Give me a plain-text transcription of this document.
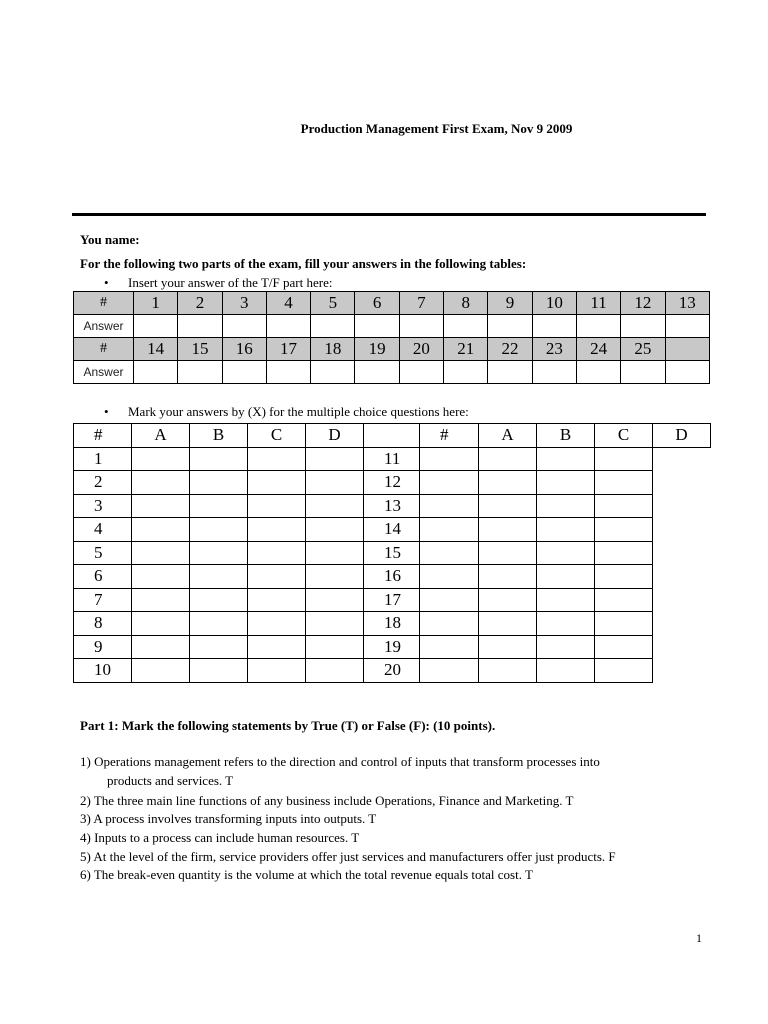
Production Management First Exam, Nov 9 2009
You name:
For the following two parts of the exam, fill your answers in the following tables:
• Insert your answer of the T/F part here:
#	1	2	3	4	5	6	7	8	9	10	11	12	13
Answer													
#	14	15	16	17	18	19	20	21	22	23	24	25	
Answer													
• Mark your answers by (X) for the multiple choice questions here:
#	A	B	C	D		#	A	B	C	D
1					11					
2					12					
3					13					
4					14					
5					15					
6					16					
7					17					
8					18					
9					19					
10					20					
Part 1: Mark the following statements by True (T) or False (F): (10 points).
1) Operations management refers to the direction and control of inputs that transform processes into
products and services. T
2) The three main line functions of any business include Operations, Finance and Marketing. T
3) A process involves transforming inputs into outputs. T
4) Inputs to a process can include human resources. T
5) At the level of the firm, service providers offer just services and manufacturers offer just products. F
6) The break-even quantity is the volume at which the total revenue equals total cost. T
1
